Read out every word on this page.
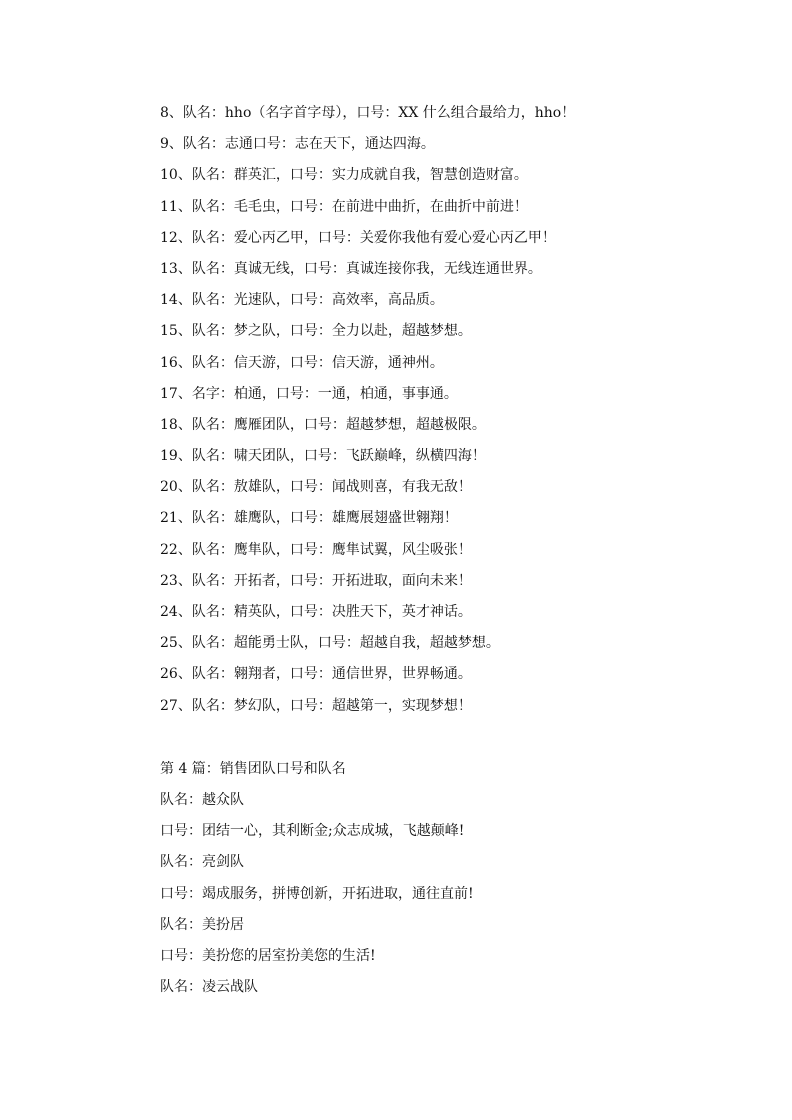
8、队名：hho（名字首字母），口号：XX 什么组合最给力，hho！
9、队名：志通口号：志在天下，通达四海。
10、队名：群英汇，口号：实力成就自我，智慧创造财富。
11、队名：毛毛虫，口号：在前进中曲折，在曲折中前进！
12、队名：爱心丙乙甲，口号：关爱你我他有爱心爱心丙乙甲！
13、队名：真诚无线，口号：真诚连接你我，无线连通世界。
14、队名：光速队，口号：高效率，高品质。
15、队名：梦之队，口号：全力以赴，超越梦想。
16、队名：信天游，口号：信天游，通神州。
17、名字：柏通，口号：一通，柏通，事事通。
18、队名：鹰雁团队，口号：超越梦想，超越极限。
19、队名：啸天团队，口号：飞跃巅峰，纵横四海！
20、队名：敖雄队，口号：闻战则喜，有我无敌！
21、队名：雄鹰队，口号：雄鹰展翅盛世翱翔！
22、队名：鹰隼队，口号：鹰隼试翼，风尘吸张！
23、队名：开拓者，口号：开拓进取，面向未来！
24、队名：精英队，口号：决胜天下，英才神话。
25、队名：超能勇士队，口号：超越自我，超越梦想。
26、队名：翱翔者，口号：通信世界，世界畅通。
27、队名：梦幻队，口号：超越第一，实现梦想！
第 4 篇：销售团队口号和队名
队名：越众队
口号：团结一心，其利断金;众志成城，飞越颠峰!
队名：亮剑队
口号：竭成服务，拼博创新，开拓进取，通往直前!
队名：美扮居
口号：美扮您的居室扮美您的生活!
队名：凌云战队
